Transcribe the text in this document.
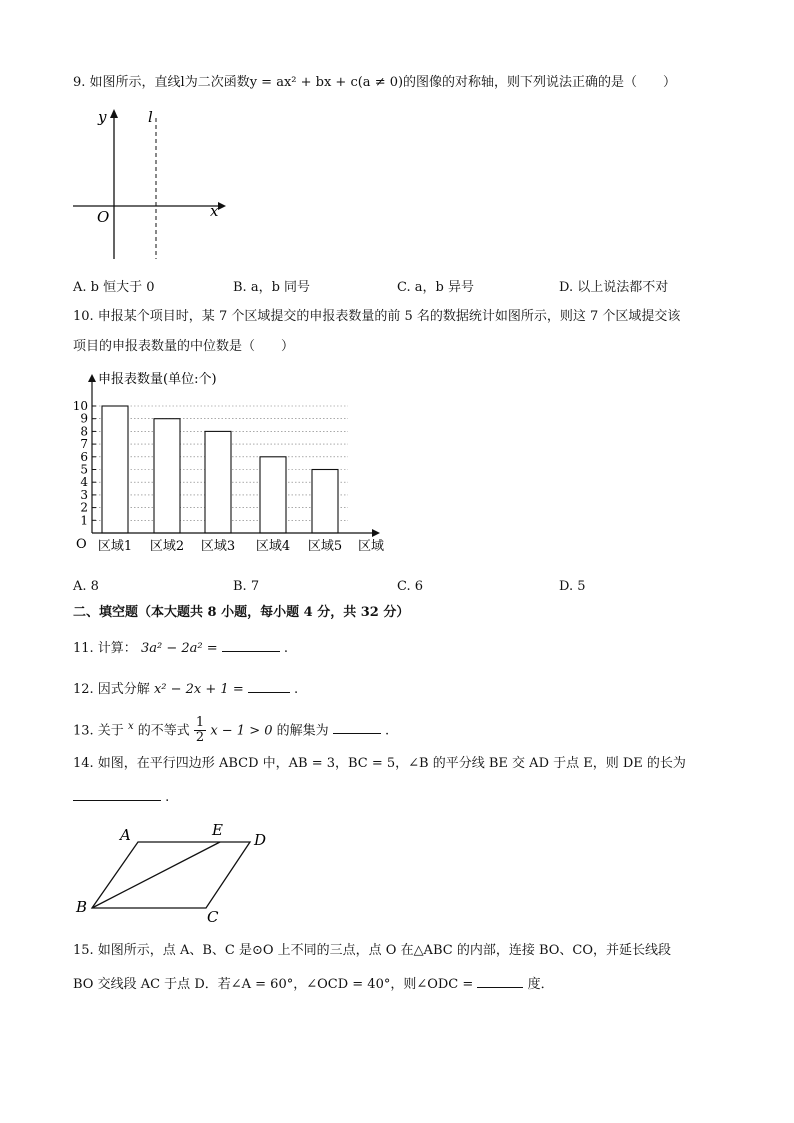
9. 如图所示，直线l为二次函数y = ax² + bx + c(a ≠ 0)的图像的对称轴，则下列说法正确的是（　　）
y	l
x
O
A. b 恒大于 0	B. a，b 同号	C. a，b 异号	D. 以上说法都不对
10. 申报某个项目时，某 7 个区域提交的申报表数量的前 5 名的数据统计如图所示，则这 7 个区域提交该
项目的申报表数量的中位数是（　　）
申报表数量(单位:个)
区域
O
1
2
3
4
5
6
7
8
9
10
区域1 区域2 区域3 区域4 区域5
A. 8	B. 7	C. 6	D. 5
二、填空题（本大题共 8 小题，每小题 4 分，共 32 分）
11. 计算： 3a² − 2a² =	.
12. 因式分解 x² − 2x + 1 =	.
13. 关于 $^x$ 的不等式 $\frac{1}{2}$ x − 1 > 0 的解集为	.
14. 如图，在平行四边形 ABCD 中，AB = 3，BC = 5，∠B 的平分线 BE 交 AD 于点 E，则 DE 的长为
.
A	E
D
B
C
15. 如图所示，点 A、B、C 是⊙O 上不同的三点，点 O 在△ABC 的内部，连接 BO、CO，并延长线段
BO 交线段 AC 于点 D．若∠A = 60°，∠OCD = 40°，则∠ODC =	度．
